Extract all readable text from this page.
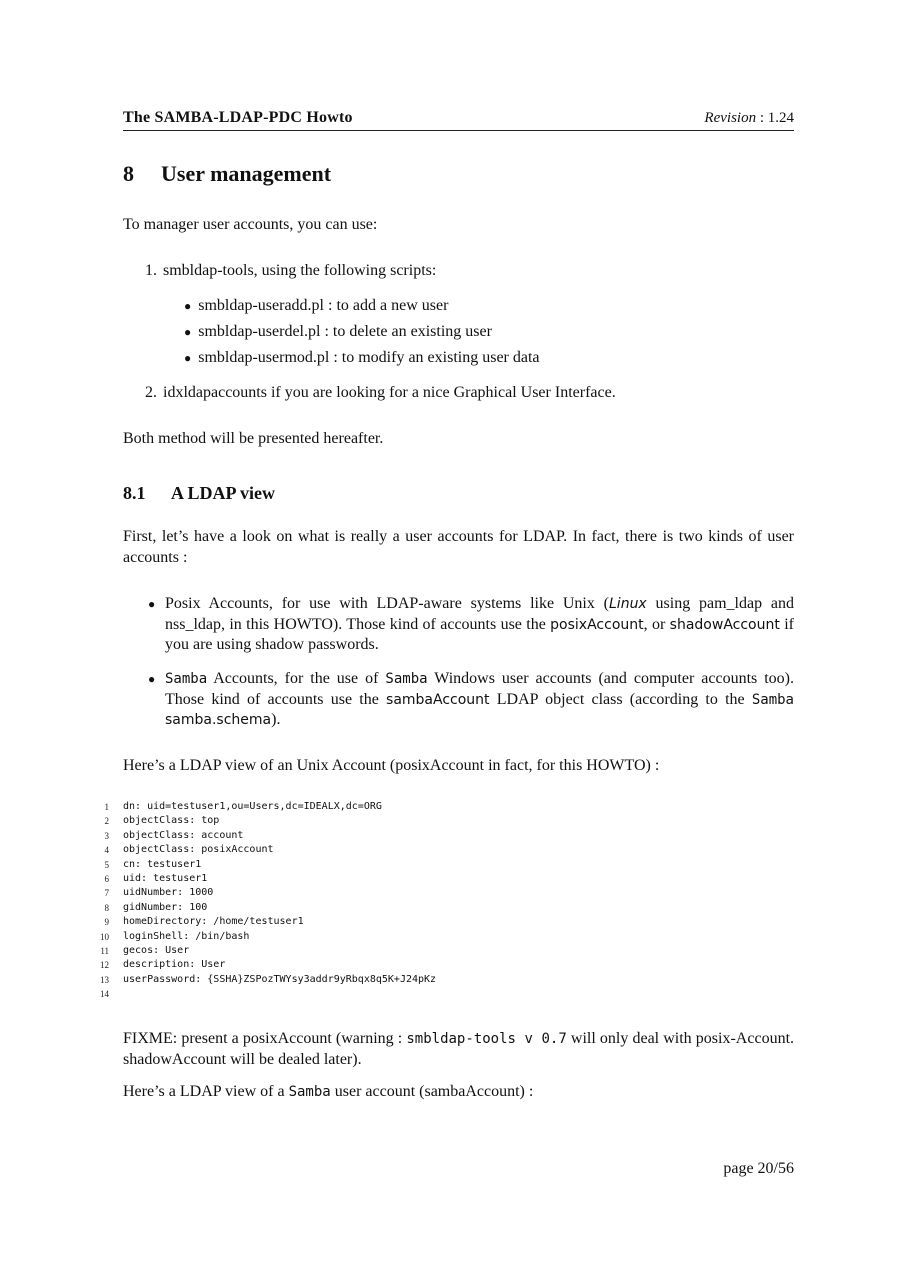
The SAMBA-LDAP-PDC Howto	Revision : 1.24
8 User management
To manager user accounts, you can use:
1. smbldap-tools, using the following scripts:
● smbldap-useradd.pl : to add a new user
● smbldap-userdel.pl : to delete an existing user
● smbldap-usermod.pl : to modify an existing user data
2. idxldapaccounts if you are looking for a nice Graphical User Interface.
Both method will be presented hereafter.
8.1 A LDAP view
First, let’s have a look on what is really a user accounts for LDAP. In fact, there is two kinds of user accounts :
● Posix Accounts, for use with LDAP-aware systems like Unix (Linux using pam_ldap and nss_ldap, in this HOWTO). Those kind of accounts use the posixAccount, or shadowAccount if you are using shadow passwords.
● Samba Accounts, for the use of Samba Windows user accounts (and computer accounts too). Those kind of accounts use the sambaAccount LDAP object class (according to the Samba samba.schema).
Here’s a LDAP view of an Unix Account (posixAccount in fact, for this HOWTO) :
1 dn: uid=testuser1,ou=Users,dc=IDEALX,dc=ORG
2 objectClass: top
3 objectClass: account
4 objectClass: posixAccount
5 cn: testuser1
6 uid: testuser1
7 uidNumber: 1000
8 gidNumber: 100
9 homeDirectory: /home/testuser1
10 loginShell: /bin/bash
11 gecos: User
12 description: User
13 userPassword: {SSHA}ZSPozTWYsy3addr9yRbqx8q5K+J24pKz
14
FIXME: present a posixAccount (warning : smbldap-tools v 0.7 will only deal with posix-Account. shadowAccount will be dealed later).
Here’s a LDAP view of a Samba user account (sambaAccount) :
page 20/56
